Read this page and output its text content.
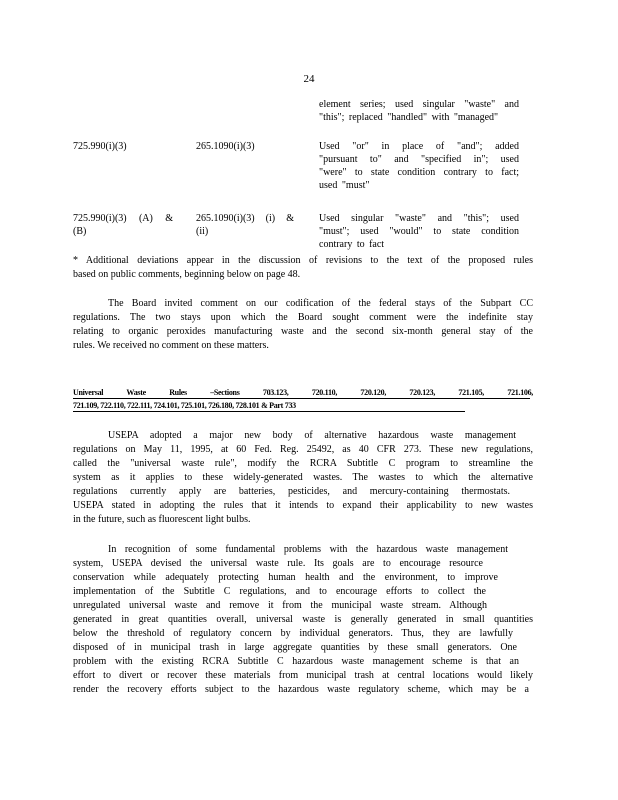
24
element series; used singular "waste" and
"this"; replaced "handled" with "managed"
725.990(i)(3)	265.1090(i)(3)	Used "or" in place of "and"; added
"pursuant to" and "specified in"; used
"were" to state condition contrary to fact;
used "must"
725.990(i)(3) (A) &
(B)
265.1090(i)(3) (i) &
(ii)
Used singular "waste" and "this"; used
"must"; used "would" to state condition
contrary to fact
* Additional deviations appear in the discussion of revisions to the text of the proposed rules
based on public comments, beginning below on page 48.
The Board invited comment on our codification of the federal stays of the Subpart CC
regulations. The two stays upon which the Board sought comment were the indefinite stay
relating to organic peroxides manufacturing waste and the second six-month general stay of the
rules. We received no comment on these matters.
Universal Waste Rules –Sections 703.123, 720.110, 720.120, 720.123, 721.105, 721.106,
721.109, 722.110, 722.111, 724.101, 725.101, 726.180, 728.101 & Part 733
USEPA adopted a major new body of alternative hazardous waste management
regulations on May 11, 1995, at 60 Fed. Reg. 25492, as 40 CFR 273. These new regulations,
called the "universal waste rule", modify the RCRA Subtitle C program to streamline the
system as it applies to these widely-generated wastes. The wastes to which the alternative
regulations currently apply are batteries, pesticides, and mercury-containing thermostats.
USEPA stated in adopting the rules that it intends to expand their applicability to new wastes
in the future, such as fluorescent light bulbs.
In recognition of some fundamental problems with the hazardous waste management
system, USEPA devised the universal waste rule. Its goals are to encourage resource
conservation while adequately protecting human health and the environment, to improve
implementation of the Subtitle C regulations, and to encourage efforts to collect the
unregulated universal waste and remove it from the municipal waste stream. Although
generated in great quantities overall, universal waste is generally generated in small quantities
below the threshold of regulatory concern by individual generators. Thus, they are lawfully
disposed of in municipal trash in large aggregate quantities by these small generators. One
problem with the existing RCRA Subtitle C hazardous waste management scheme is that an
effort to divert or recover these materials from municipal trash at central locations would likely
render the recovery efforts subject to the hazardous waste regulatory scheme, which may be a
